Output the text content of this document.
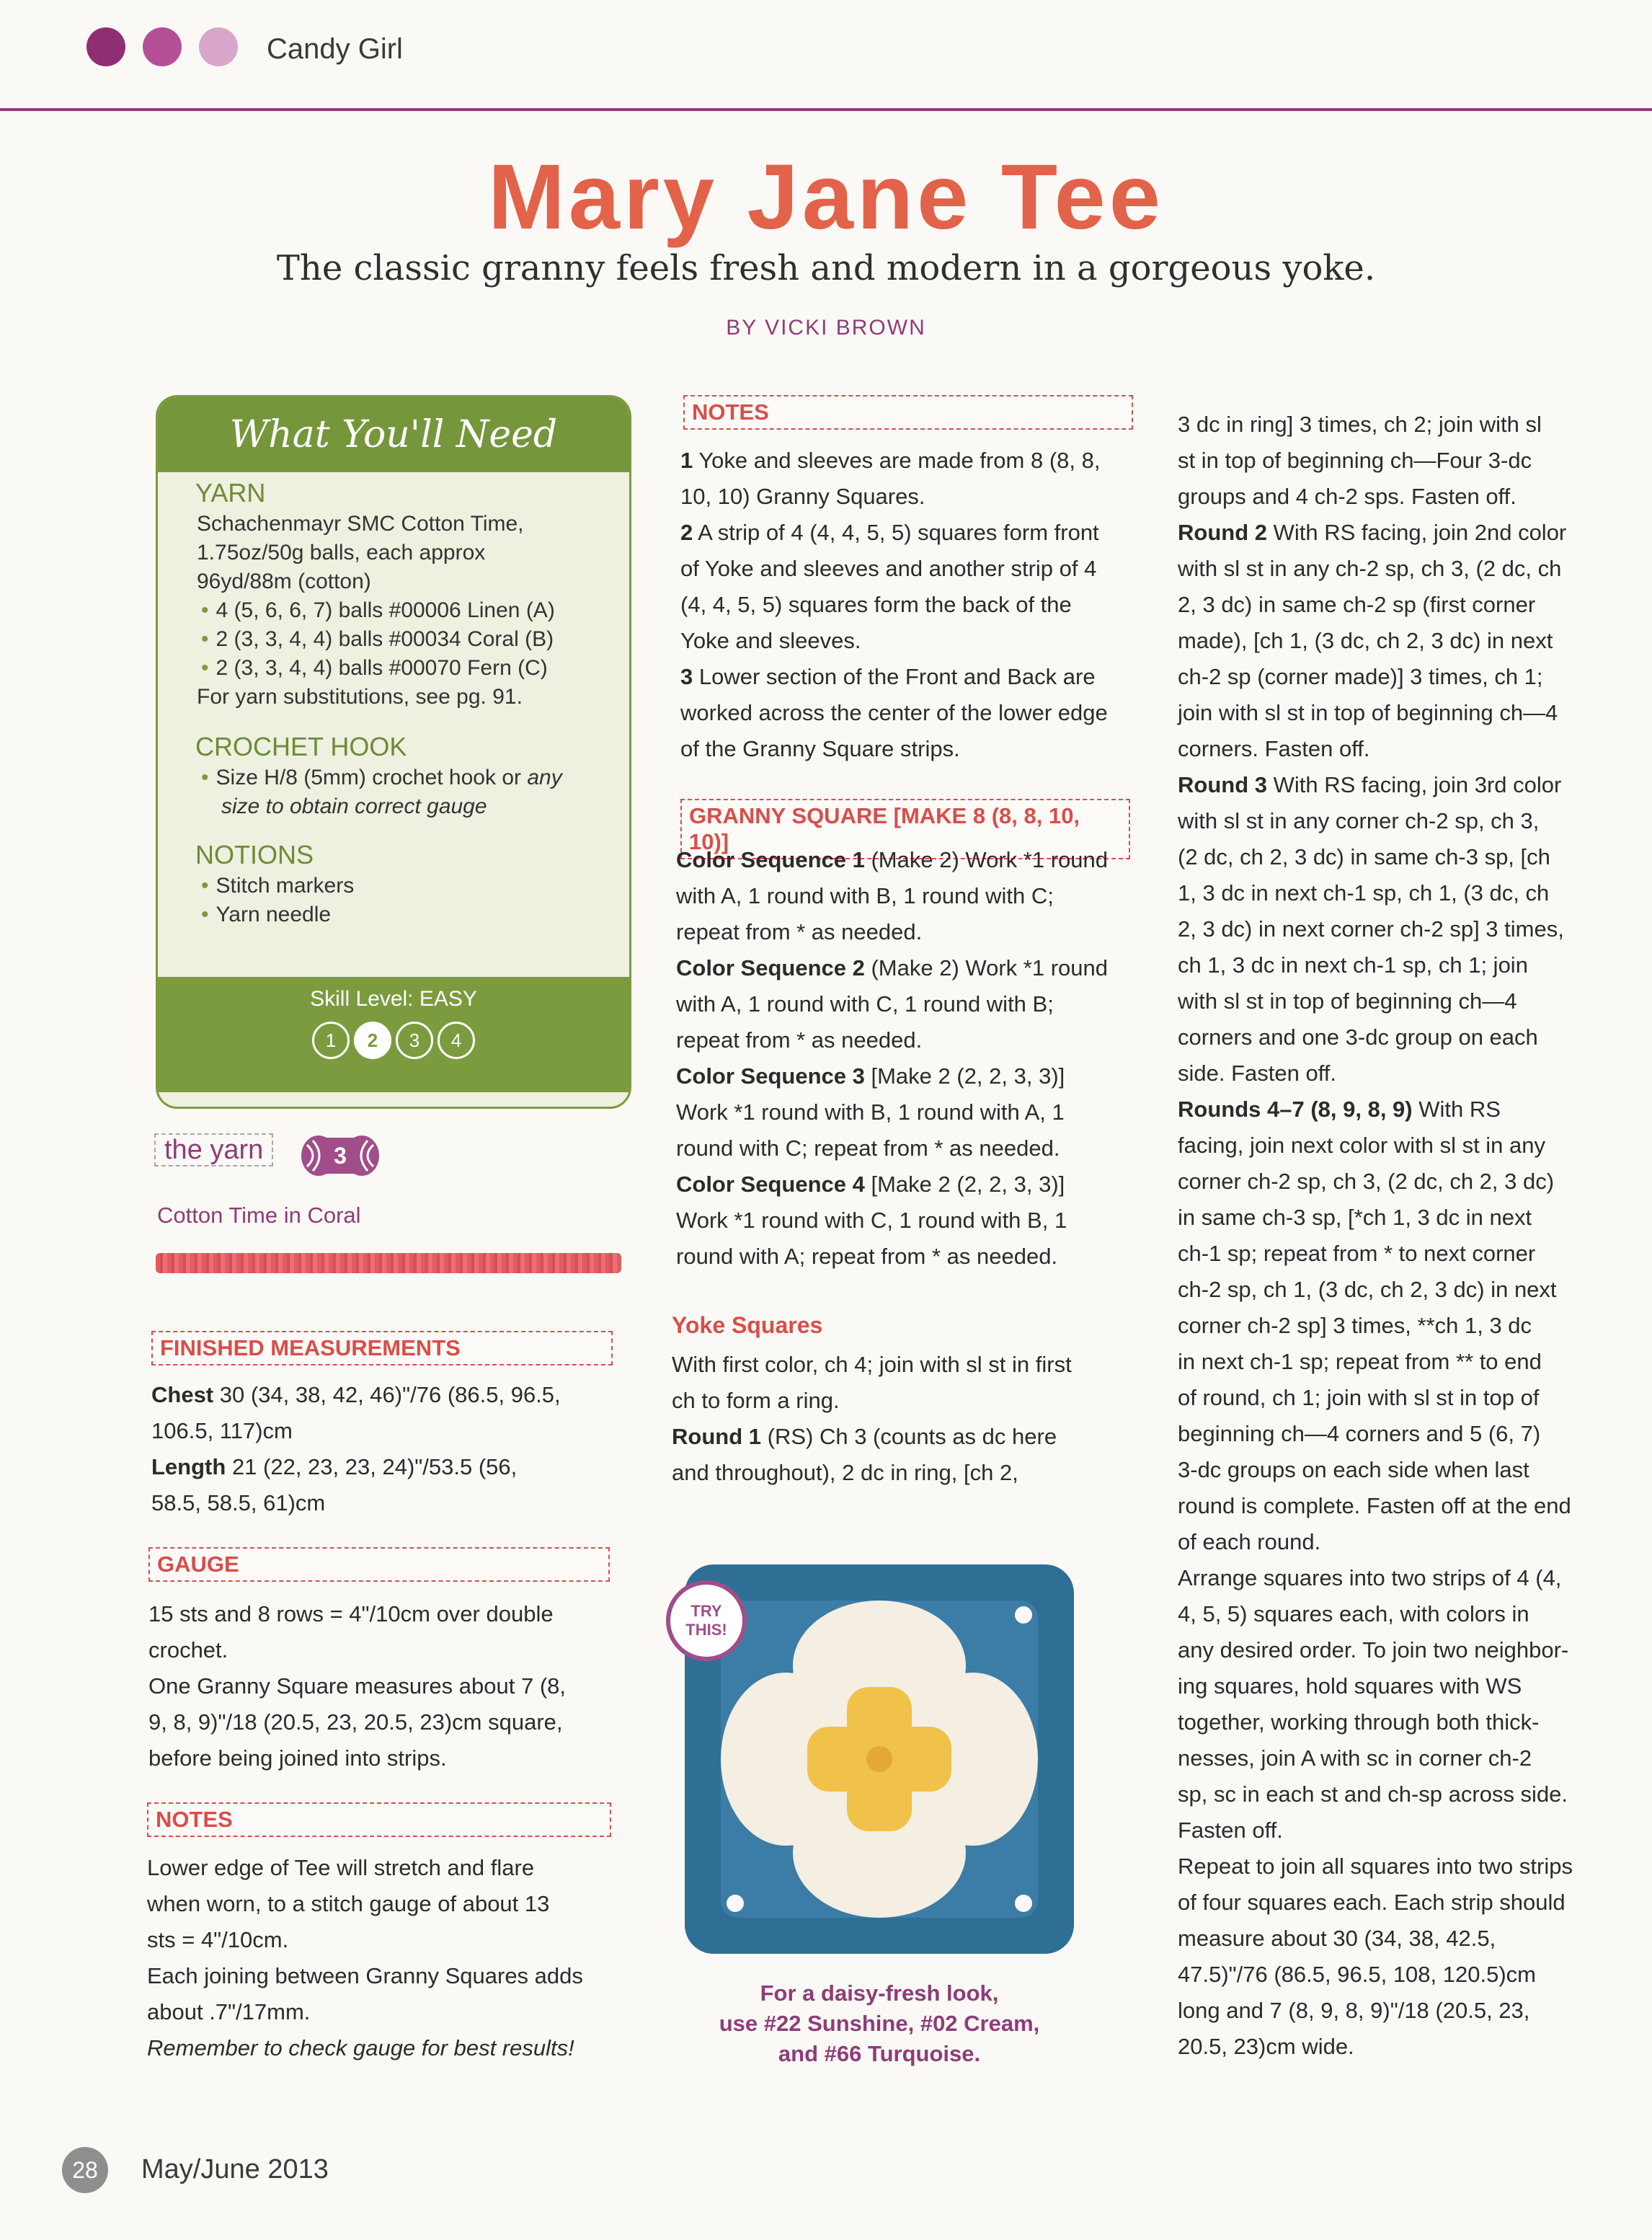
Candy Girl
Mary Jane Tee
The classic granny feels fresh and modern in a gorgeous yoke.
BY VICKI BROWN
What You'll Need
YARN
Schachenmayr SMC Cotton Time,
1.75oz/50g balls, each approx
96yd/88m (cotton)
• 4 (5, 6, 6, 7) balls #00006 Linen (A)
• 2 (3, 3, 4, 4) balls #00034 Coral (B)
• 2 (3, 3, 4, 4) balls #00070 Fern (C)
For yarn substitutions, see pg. 91.
CROCHET HOOK
• Size H/8 (5mm) crochet hook or any
size to obtain correct gauge
NOTIONS
• Stitch markers
• Yarn needle
Skill Level: EASY
1	2	3	4
the yarn	3
Cotton Time in Coral
FINISHED MEASUREMENTS
Chest 30 (34, 38, 42, 46)"/76 (86.5, 96.5,
106.5, 117)cm
Length 21 (22, 23, 23, 24)"/53.5 (56,
58.5, 58.5, 61)cm
GAUGE
15 sts and 8 rows = 4"/10cm over double
crochet.
One Granny Square measures about 7 (8,
9, 8, 9)"/18 (20.5, 23, 20.5, 23)cm square,
before being joined into strips.
NOTES
Lower edge of Tee will stretch and flare
when worn, to a stitch gauge of about 13
sts = 4"/10cm.
Each joining between Granny Squares adds
about .7"/17mm.
Remember to check gauge for best results!
NOTES
1 Yoke and sleeves are made from 8 (8, 8,
10, 10) Granny Squares.
2 A strip of 4 (4, 4, 5, 5) squares form front
of Yoke and sleeves and another strip of 4
(4, 4, 5, 5) squares form the back of the
Yoke and sleeves.
3 Lower section of the Front and Back are
worked across the center of the lower edge
of the Granny Square strips.
GRANNY SQUARE [MAKE 8 (8, 8, 10, 10)]
Color Sequence 1 (Make 2) Work *1 round
with A, 1 round with B, 1 round with C;
repeat from * as needed.
Color Sequence 2 (Make 2) Work *1 round
with A, 1 round with C, 1 round with B;
repeat from * as needed.
Color Sequence 3 [Make 2 (2, 2, 3, 3)]
Work *1 round with B, 1 round with A, 1
round with C; repeat from * as needed.
Color Sequence 4 [Make 2 (2, 2, 3, 3)]
Work *1 round with C, 1 round with B, 1
round with A; repeat from * as needed.
Yoke Squares
With first color, ch 4; join with sl st in first
ch to form a ring.
Round 1 (RS) Ch 3 (counts as dc here
and throughout), 2 dc in ring, [ch 2,
TRY
THIS!
For a daisy-fresh look,
use #22 Sunshine, #02 Cream,
and #66 Turquoise.
3 dc in ring] 3 times, ch 2; join with sl
st in top of beginning ch—Four 3-dc
groups and 4 ch-2 sps. Fasten off.
Round 2 With RS facing, join 2nd color
with sl st in any ch-2 sp, ch 3, (2 dc, ch
2, 3 dc) in same ch-2 sp (first corner
made), [ch 1, (3 dc, ch 2, 3 dc) in next
ch-2 sp (corner made)] 3 times, ch 1;
join with sl st in top of beginning ch—4
corners. Fasten off.
Round 3 With RS facing, join 3rd color
with sl st in any corner ch-2 sp, ch 3,
(2 dc, ch 2, 3 dc) in same ch-3 sp, [ch
1, 3 dc in next ch-1 sp, ch 1, (3 dc, ch
2, 3 dc) in next corner ch-2 sp] 3 times,
ch 1, 3 dc in next ch-1 sp, ch 1; join
with sl st in top of beginning ch—4
corners and one 3-dc group on each
side. Fasten off.
Rounds 4–7 (8, 9, 8, 9) With RS
facing, join next color with sl st in any
corner ch-2 sp, ch 3, (2 dc, ch 2, 3 dc)
in same ch-3 sp, [*ch 1, 3 dc in next
ch-1 sp; repeat from * to next corner
ch-2 sp, ch 1, (3 dc, ch 2, 3 dc) in next
corner ch-2 sp] 3 times, **ch 1, 3 dc
in next ch-1 sp; repeat from ** to end
of round, ch 1; join with sl st in top of
beginning ch—4 corners and 5 (6, 7)
3-dc groups on each side when last
round is complete. Fasten off at the end
of each round.
Arrange squares into two strips of 4 (4,
4, 5, 5) squares each, with colors in
any desired order. To join two neighbor-
ing squares, hold squares with WS
together, working through both thick-
nesses, join A with sc in corner ch-2
sp, sc in each st and ch-sp across side.
Fasten off.
Repeat to join all squares into two strips
of four squares each. Each strip should
measure about 30 (34, 38, 42.5,
47.5)"/76 (86.5, 96.5, 108, 120.5)cm
long and 7 (8, 9, 8, 9)"/18 (20.5, 23,
20.5, 23)cm wide.
28	May/June 2013
